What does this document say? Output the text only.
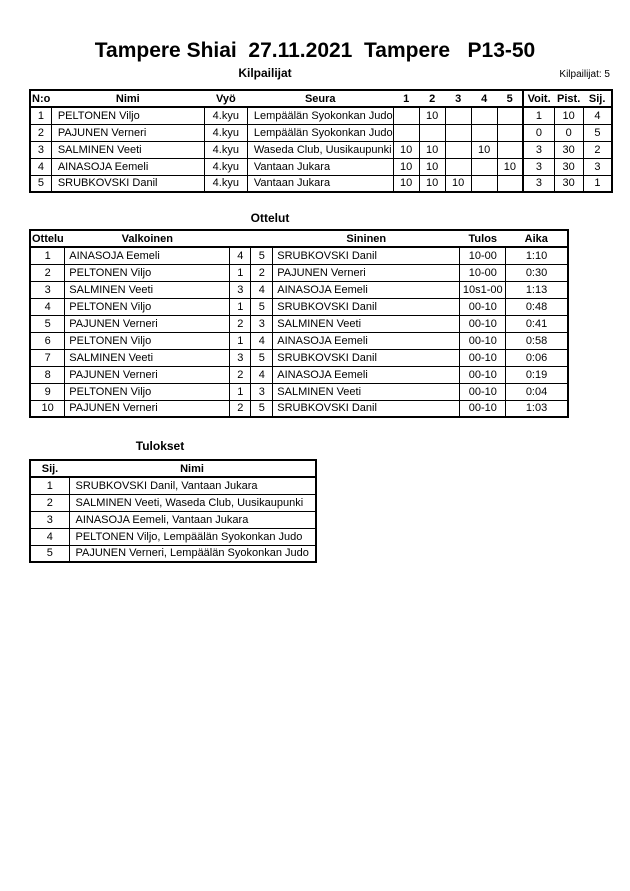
Tampere Shiai  27.11.2021  Tampere   P13-50
Kilpailijat	Kilpailijat: 5
N:o	Nimi	Vyö	Seura	1	2	3	4	5	Voit.	Pist.	Sij.
1	PELTONEN Viljo	4.kyu	Lempäälän Syokonkan Judo		10				1	10	4
2	PAJUNEN Verneri	4.kyu	Lempäälän Syokonkan Judo						0	0	5
3	SALMINEN Veeti	4.kyu	Waseda Club, Uusikaupunki	10	10		10		3	30	2
4	AINASOJA Eemeli	4.kyu	Vantaan Jukara	10	10			10	3	30	3
5	SRUBKOVSKI Danil	4.kyu	Vantaan Jukara	10	10	10			3	30	1
Ottelut
Ottelu	Valkoinen			Sininen	Tulos	Aika
1	AINASOJA Eemeli	4	5	SRUBKOVSKI Danil	10-00	1:10
2	PELTONEN Viljo	1	2	PAJUNEN Verneri	10-00	0:30
3	SALMINEN Veeti	3	4	AINASOJA Eemeli	10s1-00	1:13
4	PELTONEN Viljo	1	5	SRUBKOVSKI Danil	00-10	0:48
5	PAJUNEN Verneri	2	3	SALMINEN Veeti	00-10	0:41
6	PELTONEN Viljo	1	4	AINASOJA Eemeli	00-10	0:58
7	SALMINEN Veeti	3	5	SRUBKOVSKI Danil	00-10	0:06
8	PAJUNEN Verneri	2	4	AINASOJA Eemeli	00-10	0:19
9	PELTONEN Viljo	1	3	SALMINEN Veeti	00-10	0:04
10	PAJUNEN Verneri	2	5	SRUBKOVSKI Danil	00-10	1:03
Tulokset
Sij.	Nimi
1	SRUBKOVSKI Danil, Vantaan Jukara
2	SALMINEN Veeti, Waseda Club, Uusikaupunki
3	AINASOJA Eemeli, Vantaan Jukara
4	PELTONEN Viljo, Lempäälän Syokonkan Judo
5	PAJUNEN Verneri, Lempäälän Syokonkan Judo
